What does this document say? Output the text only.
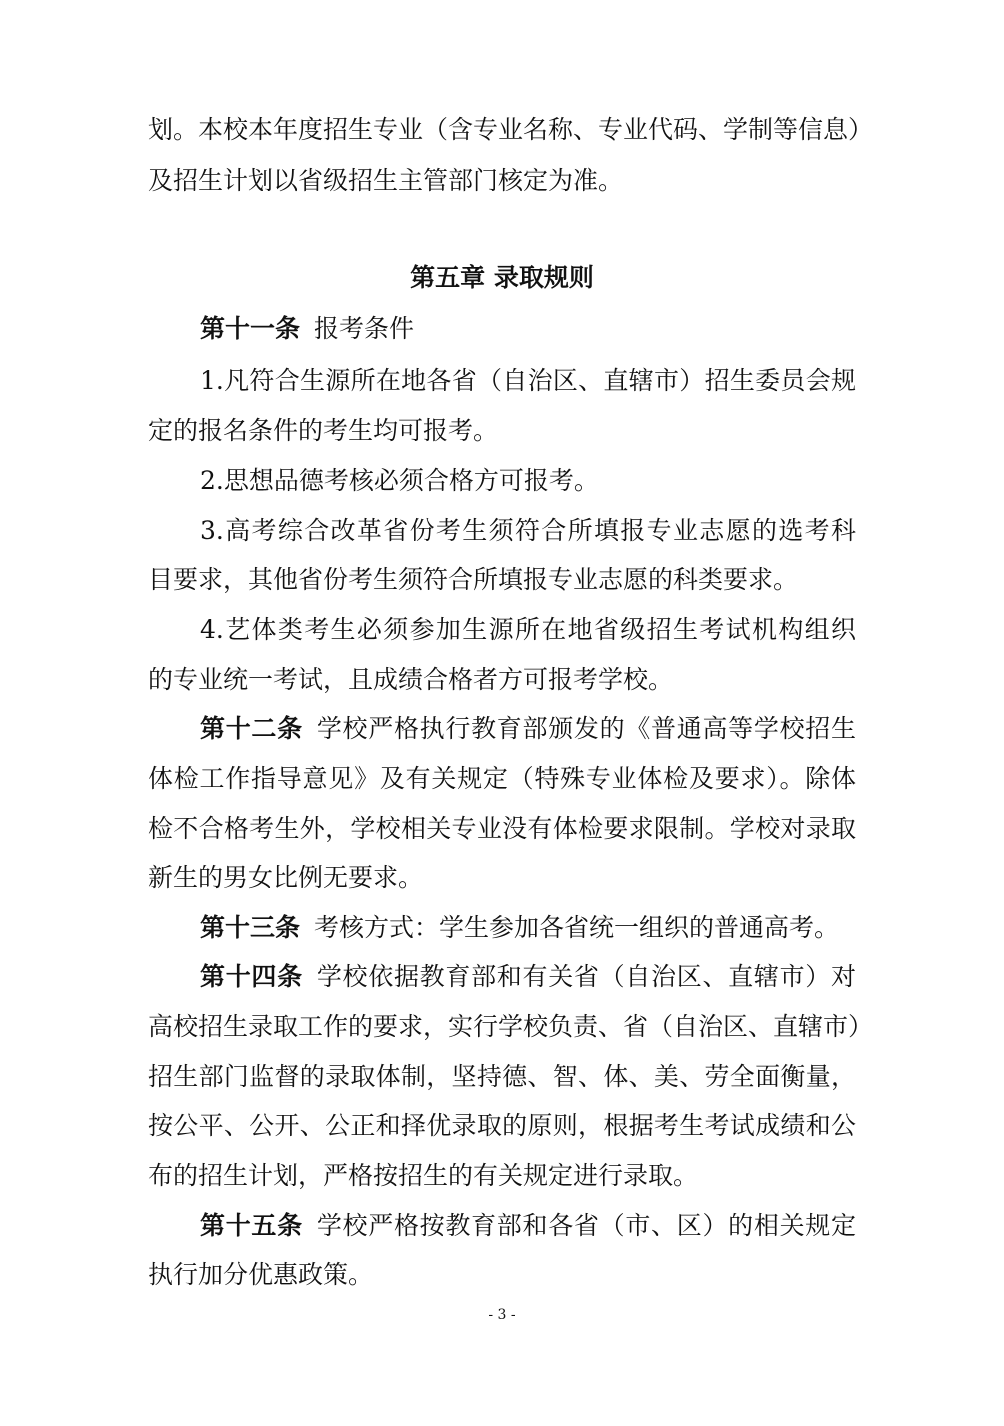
划。本校本年度招生专业（含专业名称、专业代码、学制等信息）
及招生计划以省级招生主管部门核定为准。
第五章 录取规则
第十一条 报考条件
1.凡符合生源所在地各省（自治区、直辖市）招生委员会规
定的报名条件的考生均可报考。
2.思想品德考核必须合格方可报考。
3.高考综合改革省份考生须符合所填报专业志愿的选考科
目要求，其他省份考生须符合所填报专业志愿的科类要求。
4.艺体类考生必须参加生源所在地省级招生考试机构组织
的专业统一考试，且成绩合格者方可报考学校。
第十二条 学校严格执行教育部颁发的《普通高等学校招生
体检工作指导意见》及有关规定（特殊专业体检及要求）。除体
检不合格考生外，学校相关专业没有体检要求限制。学校对录取
新生的男女比例无要求。
第十三条 考核方式：学生参加各省统一组织的普通高考。
第十四条 学校依据教育部和有关省（自治区、直辖市）对
高校招生录取工作的要求，实行学校负责、省（自治区、直辖市）
招生部门监督的录取体制，坚持德、智、体、美、劳全面衡量，
按公平、公开、公正和择优录取的原则，根据考生考试成绩和公
布的招生计划，严格按招生的有关规定进行录取。
第十五条 学校严格按教育部和各省（市、区）的相关规定
执行加分优惠政策。
- 3 -
